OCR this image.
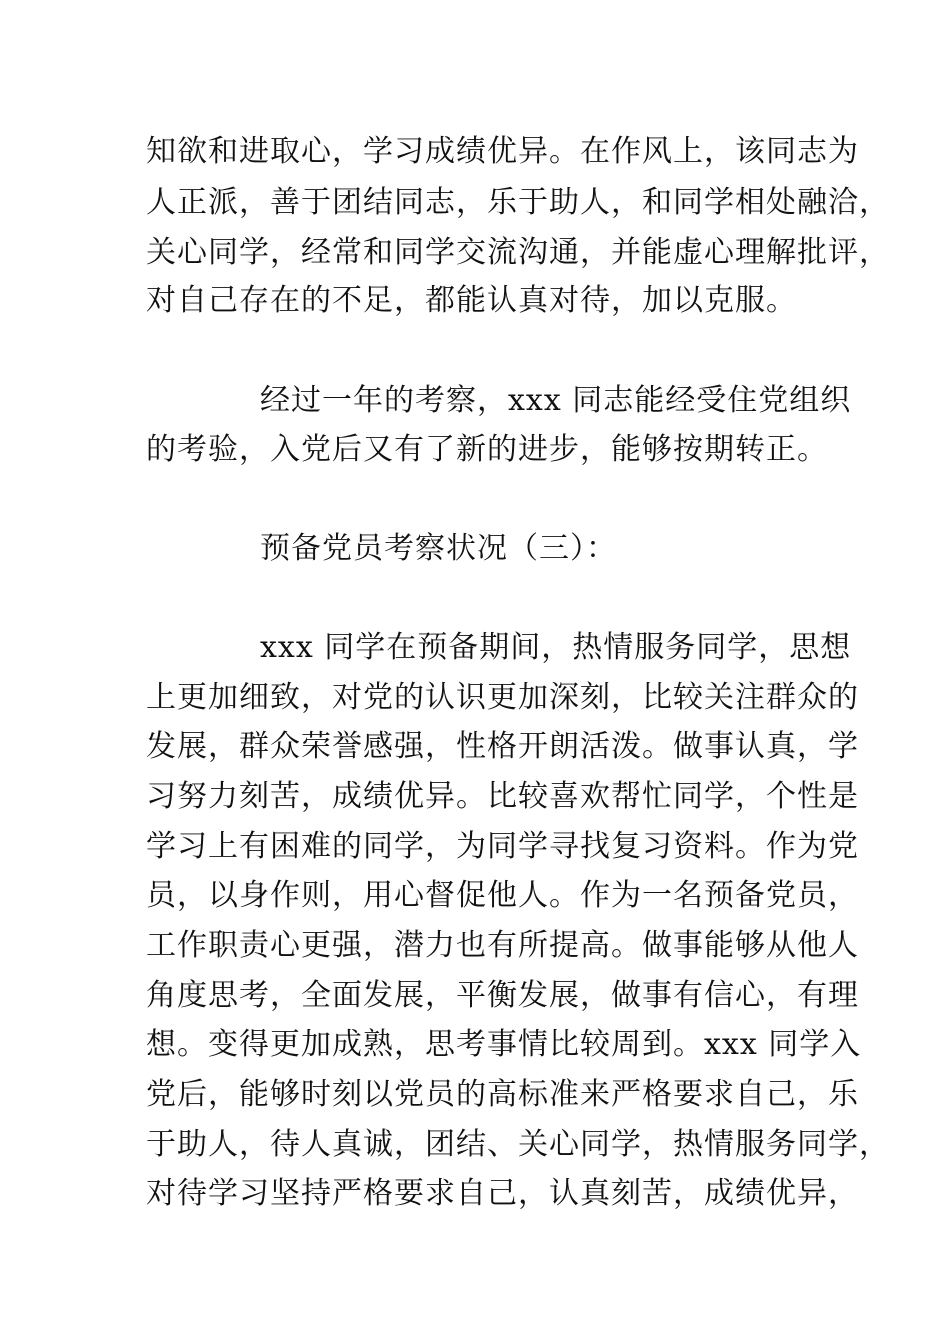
知欲和进取心，学习成绩优异。在作风上，该同志为
人正派，善于团结同志，乐于助人，和同学相处融洽，
关心同学，经常和同学交流沟通，并能虚心理解批评，
对自己存在的不足，都能认真对待，加以克服。
经过一年的考察，xxx 同志能经受住党组织
的考验，入党后又有了新的进步，能够按期转正。
预备党员考察状况（三）：
xxx 同学在预备期间，热情服务同学，思想
上更加细致，对党的认识更加深刻，比较关注群众的
发展，群众荣誉感强，性格开朗活泼。做事认真，学
习努力刻苦，成绩优异。比较喜欢帮忙同学，个性是
学习上有困难的同学，为同学寻找复习资料。作为党
员，以身作则，用心督促他人。作为一名预备党员，
工作职责心更强，潜力也有所提高。做事能够从他人
角度思考，全面发展，平衡发展，做事有信心，有理
想。变得更加成熟，思考事情比较周到。xxx 同学入
党后，能够时刻以党员的高标准来严格要求自己，乐
于助人，待人真诚，团结、关心同学，热情服务同学，
对待学习坚持严格要求自己，认真刻苦，成绩优异，
